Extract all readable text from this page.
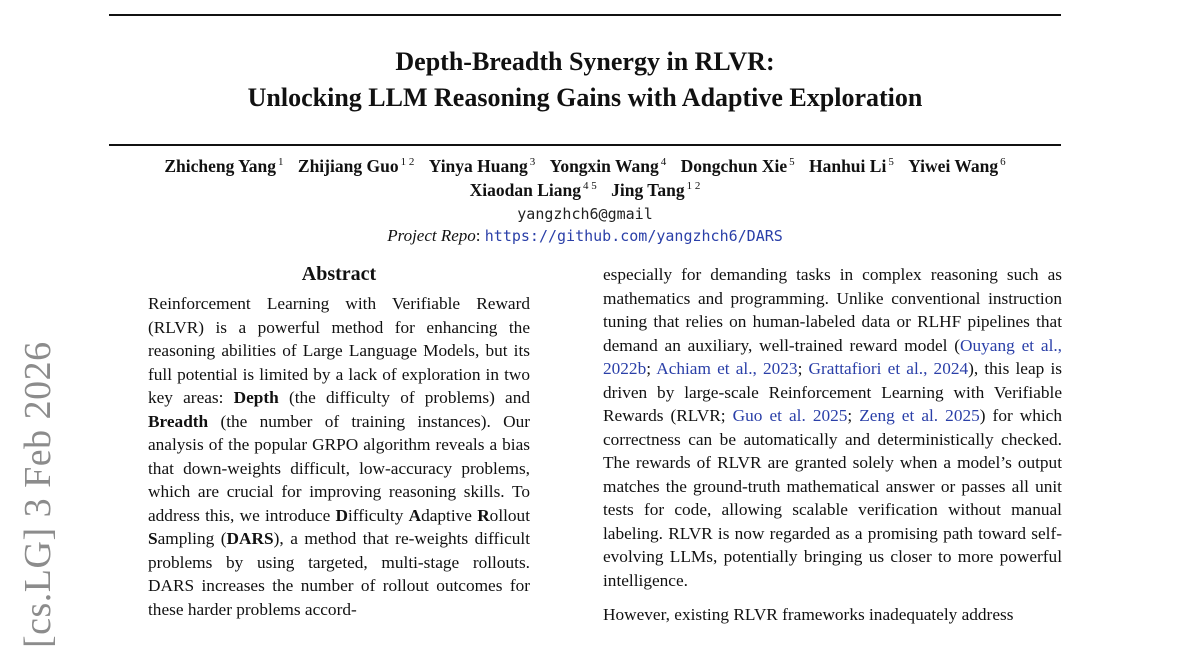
Depth-Breadth Synergy in RLVR:
Unlocking LLM Reasoning Gains with Adaptive Exploration
Zhicheng Yang $^1$ Zhijiang Guo $^{1 2}$ Yinya Huang $^3$ Yongxin Wang $^4$ Dongchun Xie $^5$ Hanhui Li $^5$ Yiwei Wang $^6$
Xiaodan Liang $^{4 5}$ Jing Tang $^{1 2}$
yangzhch6@gmail
Project Repo: https://github.com/yangzhch6/DARS
Abstract

Reinforcement Learning with Verifiable Reward (RLVR) is a powerful method for enhancing the reasoning abilities of Large Language Models, but its full potential is limited by a lack of exploration in two key areas: Depth (the difficulty of problems) and Breadth (the number of training instances). Our analysis of the popular GRPO algorithm reveals a bias that down-weights difficult, low-accuracy problems, which are crucial for improving reasoning skills. To address this, we introduce Difficulty Adaptive Rollout Sampling (DARS), a method that re-weights difficult problems by using targeted, multi-stage rollouts. DARS increases the number of rollout outcomes for these harder problems accord-

especially for demanding tasks in complex reasoning such as mathematics and programming. Unlike conventional instruction tuning that relies on human-labeled data or RLHF pipelines that demand an auxiliary, well-trained reward model (Ouyang et al., 2022b; Achiam et al., 2023; Grattafiori et al., 2024), this leap is driven by large-scale Reinforcement Learning with Verifiable Rewards (RLVR; Guo et al. 2025; Zeng et al. 2025) for which correctness can be automatically and deterministically checked. The rewards of RLVR are granted solely when a model’s output matches the ground-truth mathematical answer or passes all unit tests for code, allowing scalable verification without manual labeling. RLVR is now regarded as a promising path toward self-evolving LLMs, potentially bringing us closer to more powerful intelligence.

However, existing RLVR frameworks inadequately address

[cs.LG] 3 Feb 2026
